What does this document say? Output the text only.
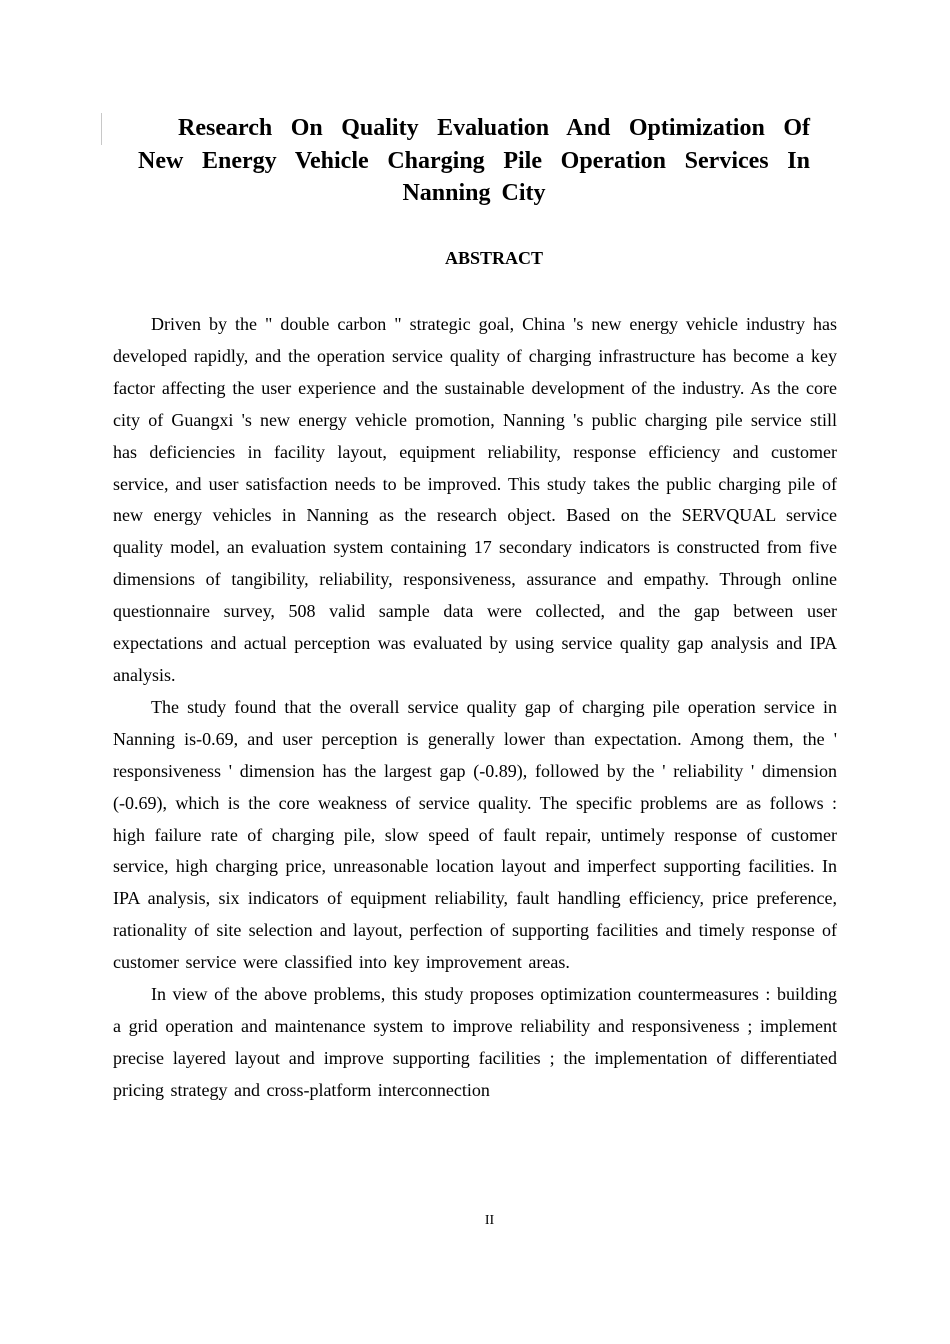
Research On Quality Evaluation And Optimization Of New Energy Vehicle Charging Pile Operation Services In Nanning City
ABSTRACT

Driven by the " double carbon " strategic goal, China 's new energy vehicle industry has developed rapidly, and the operation service quality of charging infrastructure has become a key factor affecting the user experience and the sustainable development of the industry. As the core city of Guangxi 's new energy vehicle promotion, Nanning 's public charging pile service still has deficiencies in facility layout, equipment reliability, response efficiency and customer service, and user satisfaction needs to be improved. This study takes the public charging pile of new energy vehicles in Nanning as the research object. Based on the SERVQUAL service quality model, an evaluation system containing 17 secondary indicators is constructed from five dimensions of tangibility, reliability, responsiveness, assurance and empathy. Through online questionnaire survey, 508 valid sample data were collected, and the gap between user expectations and actual perception was evaluated by using service quality gap analysis and IPA analysis.

The study found that the overall service quality gap of charging pile operation service in Nanning is-0.69, and user perception is generally lower than expectation. Among them, the ' responsiveness ' dimension has the largest gap (-0.89), followed by the ' reliability ' dimension (-0.69), which is the core weakness of service quality. The specific problems are as follows : high failure rate of charging pile, slow speed of fault repair, untimely response of customer service, high charging price, unreasonable location layout and imperfect supporting facilities. In IPA analysis, six indicators of equipment reliability, fault handling efficiency, price preference, rationality of site selection and layout, perfection of supporting facilities and timely response of customer service were classified into key improvement areas.

In view of the above problems, this study proposes optimization countermeasures : building a grid operation and maintenance system to improve reliability and responsiveness ; implement precise layered layout and improve supporting facilities ; the implementation of differentiated pricing strategy and cross-platform interconnection

II
